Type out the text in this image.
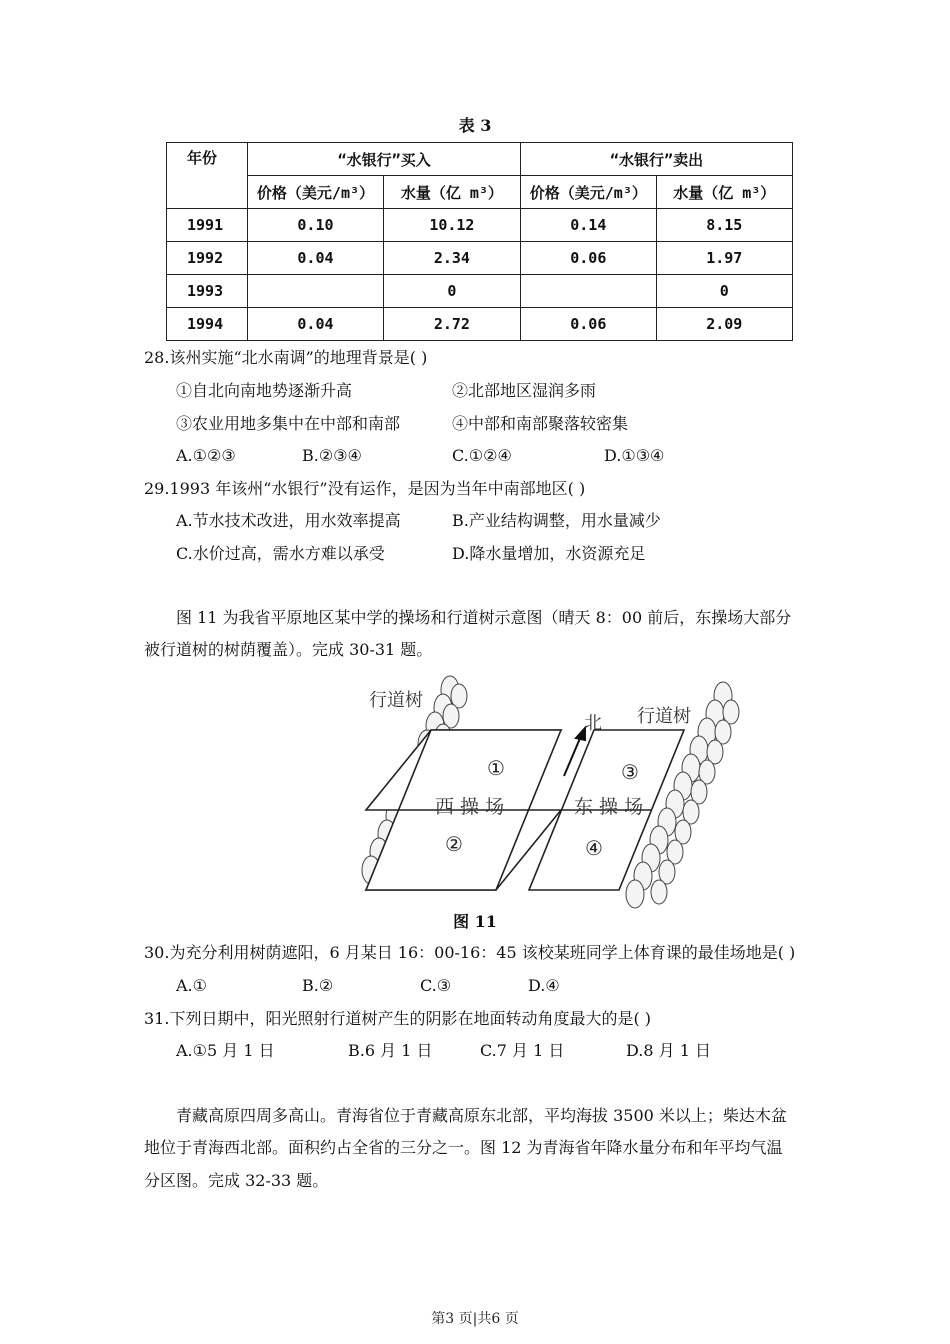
表 3
年份	“水银行”买入		“水银行”卖出	
	价格（美元/m³）	水量（亿 m³）	价格（美元/m³）	水量（亿 m³）
1991	0.10	10.12	0.14	8.15
1992	0.04	2.34	0.06	1.97
1993		0		0
1994	0.04	2.72	0.06	2.09
28.该州实施“北水南调”的地理背景是( )
①自北向南地势逐渐升高	②北部地区湿润多雨
③农业用地多集中在中部和南部	④中部和南部聚落较密集
A.①②③	B.②③④	C.①②④	D.①③④
29.1993 年该州“水银行”没有运作，是因为当年中南部地区( )
A.节水技术改进，用水效率提高	B.产业结构调整，用水量减少
C.水价过高，需水方难以承受	D.降水量增加，水资源充足
图 11 为我省平原地区某中学的操场和行道树示意图（晴天 8：00 前后，东操场大部分
被行道树的树荫覆盖）。完成 30-31 题。
行道树
行道树
北
西 操 场	东 操 场
①
②
③
④
图 11
30.为充分利用树荫遮阳，6 月某日 16：00-16：45 该校某班同学上体育课的最佳场地是( )
A.①	B.②	C.③	D.④
31.下列日期中，阳光照射行道树产生的阴影在地面转动角度最大的是( )
A.①5 月 1 日	B.6 月 1 日	C.7 月 1 日	D.8 月 1 日
青藏高原四周多高山。青海省位于青藏高原东北部，平均海拔 3500 米以上；柴达木盆
地位于青海西北部。面积约占全省的三分之一。图 12 为青海省年降水量分布和年平均气温
分区图。完成 32-33 题。
第3 页|共6 页
